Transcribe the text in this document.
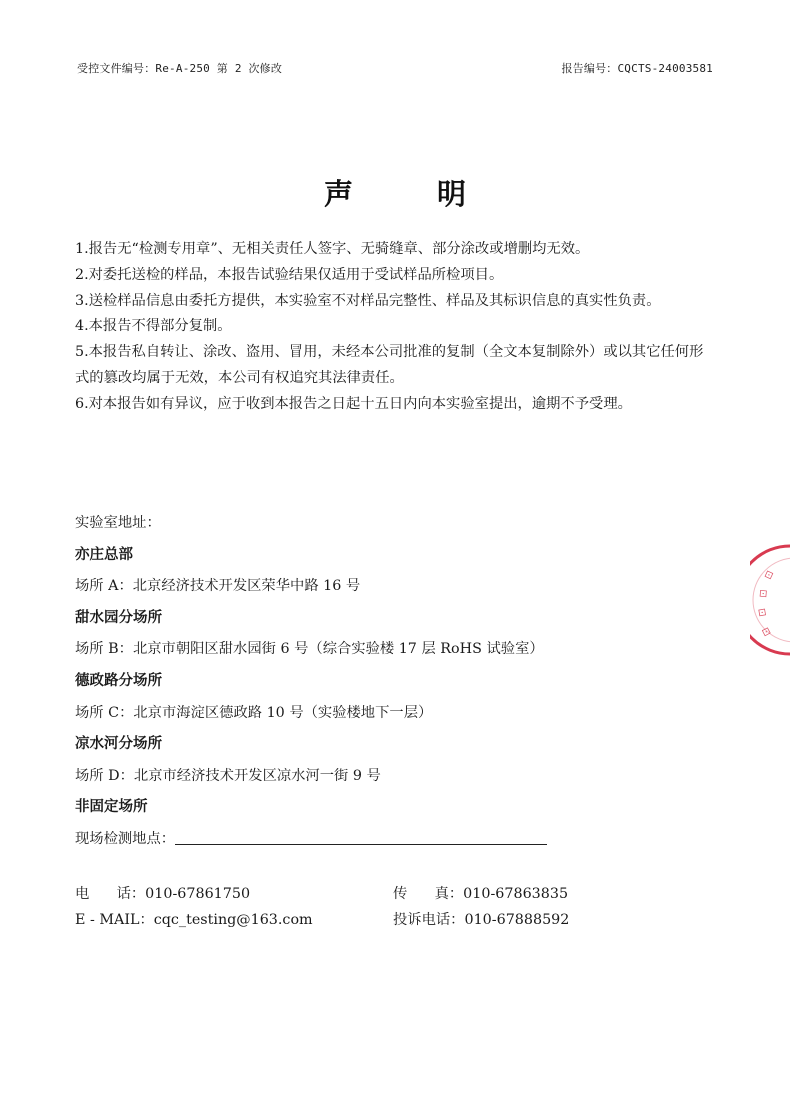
受控文件编号：Re-A-250 第 2 次修改	报告编号：CQCTS-24003581
声	明

1.报告无“检测专用章”、无相关责任人签字、无骑缝章、部分涂改或增删均无效。

2.对委托送检的样品，本报告试验结果仅适用于受试样品所检项目。

3.送检样品信息由委托方提供，本实验室不对样品完整性、样品及其标识信息的真实性负责。

4.本报告不得部分复制。

5.本报告私自转让、涂改、盗用、冒用，未经本公司批准的复制（全文本复制除外）或以其它任何形式的篡改均属于无效，本公司有权追究其法律责任。

6.对本报告如有异议，应于收到本报告之日起十五日内向本实验室提出，逾期不予受理。

实验室地址：
亦庄总部
场所 A：北京经济技术开发区荣华中路 16 号
甜水园分场所
场所 B：北京市朝阳区甜水园街 6 号（综合实验楼 17 层 RoHS 试验室）
德政路分场所
场所 C：北京市海淀区德政路 10 号（实验楼地下一层）
凉水河分场所
场所 D：北京市经济技术开发区凉水河一街 9 号
非固定场所
现场检测地点：
电      话：010-67861750	传      真：010-67863835
E - MAIL：cqc_testing@163.com	投诉电话：010-67888592
⊡
⊡
⊡
⊡
